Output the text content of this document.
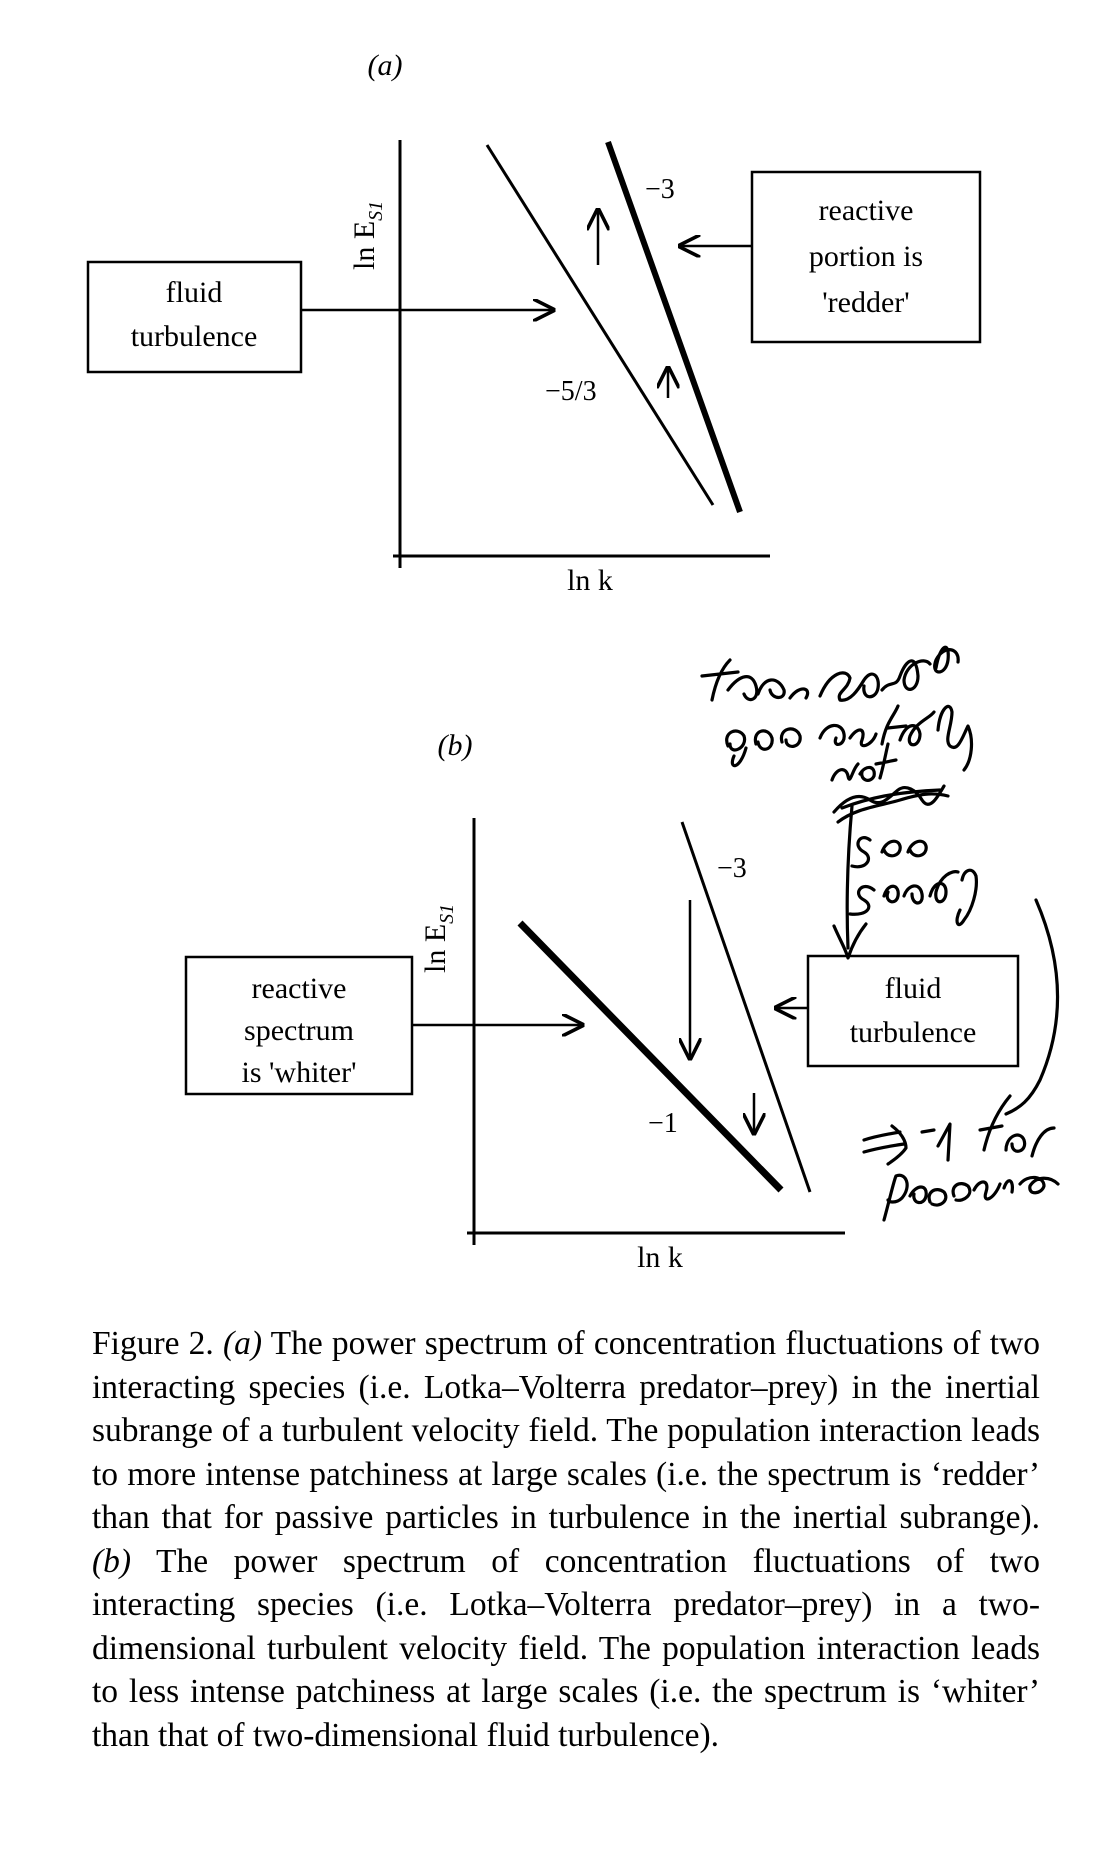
(a)
$\ln E_{S1}$
ln k
−5/3
−3
fluid
turbulence
reactive
portion is
'redder'
(b)
$\ln E_{S1}$
ln k
−3
−1
reactive
spectrum
is 'whiter'
fluid
turbulence
Figure 2. (a) The power spectrum of concentration fluctuations of two interacting species (i.e. Lotka–Volterra predator–prey) in the inertial subrange of a turbulent velocity field. The population interaction leads to more intense patchiness at large scales (i.e. the spectrum is ‘redder’ than that for passive particles in turbulence in the inertial subrange). (b) The power spectrum of concentration fluctuations of two interacting species (i.e. Lotka–Volterra predator–prey) in a two-dimensional turbulent velocity field. The population interaction leads to less intense patchiness at large scales (i.e. the spectrum is ‘whiter’ than that of two-dimensional fluid turbulence).
